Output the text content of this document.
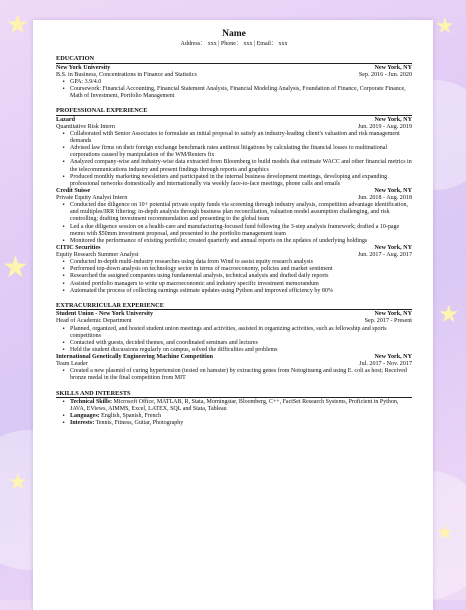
★	★
★
★
★
★
Name
Address： xxx | Phone： xxx | Email： xxx
EDUCATION
New York University	New York, NY
B.S. in Business, Concentrations in Finance and Statistics	Sep. 2016 - Jun. 2020
• GPA: 3.9/4.0
• Coursework: Financial Accounting, Financial Statement Analysis, Financial Modeling Analysis, Foundation of Finance, Corporate Finance, Math of Investment, Portfolio Management
PROFESSIONAL EXPERIENCE
Lazard	New York, NY
Quantitative Risk Intern	Jun. 2019 - Aug. 2019
• Collaborated with Senior Associates to formulate an initial proposal to satisfy an industry-leading client’s valuation and risk management demands
• Advised law firms on their foreign exchange benchmark rates antitrust litigations by calculating the financial losses to multinational corporations caused by manipulation of the WM/Reuters fix
• Analyzed company-wise and industry-wise data extracted from Bloomberg to build models that estimate WACC and other financial metrics in the telecommunications industry and present findings through reports and graphics
• Produced monthly marketing newsletters and participated in the internal business development meetings, developing and expanding professional networks domestically and internationally via weekly face-to-face meetings, phone calls and emails
Credit Suisse	New York, NY
Private Equity Analyst Intern	Jun. 2018 - Aug. 2018
• Conducted due diligence on 10+ potential private equity funds via screening through industry analysis, competition advantage identification, and multiples/IRR filtering; in-depth analysis through business plan reconciliation, valuation model assumption challenging, and risk controlling; drafting investment recommendation and presenting to the global team
• Led a due diligence session on a health-care and manufacturing-focused fund following the 3-step analysis framework; drafted a 10-page memo with $50mm investment proposal, and presented to the portfolio management team
• Monitored the performance of existing portfolio; created quarterly and annual reports on the updates of underlying holdings
CITIC Securities	New York, NY
Equity Research Summer Analyst	Jun. 2017 - Aug. 2017
• Conducted in-depth multi-industry researches using data from Wind to assist equity research analysts
• Performed top-down analysis on technology sector in terms of macroeconomy, policies and market sentiment
• Researched the assigned companies using fundamental analysis, technical analysis and drafted daily reports
• Assisted portfolio managers to write up macroeconomic and industry specific investment memorandum
• Automated the process of collecting earnings estimate updates using Python and improved efficiency by 80%
EXTRACURRICULAR EXPERIENCE
Student Union - New York University	New York, NY
Head of Academic Department	Sep. 2017 - Present
• Planned, organized, and hosted student union meetings and activities, assisted in organizing activities, such as fellowship and sports competitions
• Contacted with guests, decided themes, and coordinated seminars and lectures
• Held the student discussions regularly on campus, solved the difficulties and problems
International Genetically Engineering Machine Competition	New York, NY
Team Leader	Jul. 2017 - Nov. 2017
• Created a new plasmid of curing hypertension (tested on hamster) by extracting genes from Notoginseng and using E. coli as host; Received bronze medal in the final competition from MIT
SKILLS AND INTERESTS
• Technical Skills: Microsoft Office, MATLAB, R, Stata, Morningstar, Bloomberg, C++, FactSet Research Systems, Proficient in Python, JAVA, EViews, AIMMS, Excel, LATEX, SQL and Stata, Tableau
• Languages: English, Spanish, French
• Interests: Tennis, Fitness, Guitar, Photography
